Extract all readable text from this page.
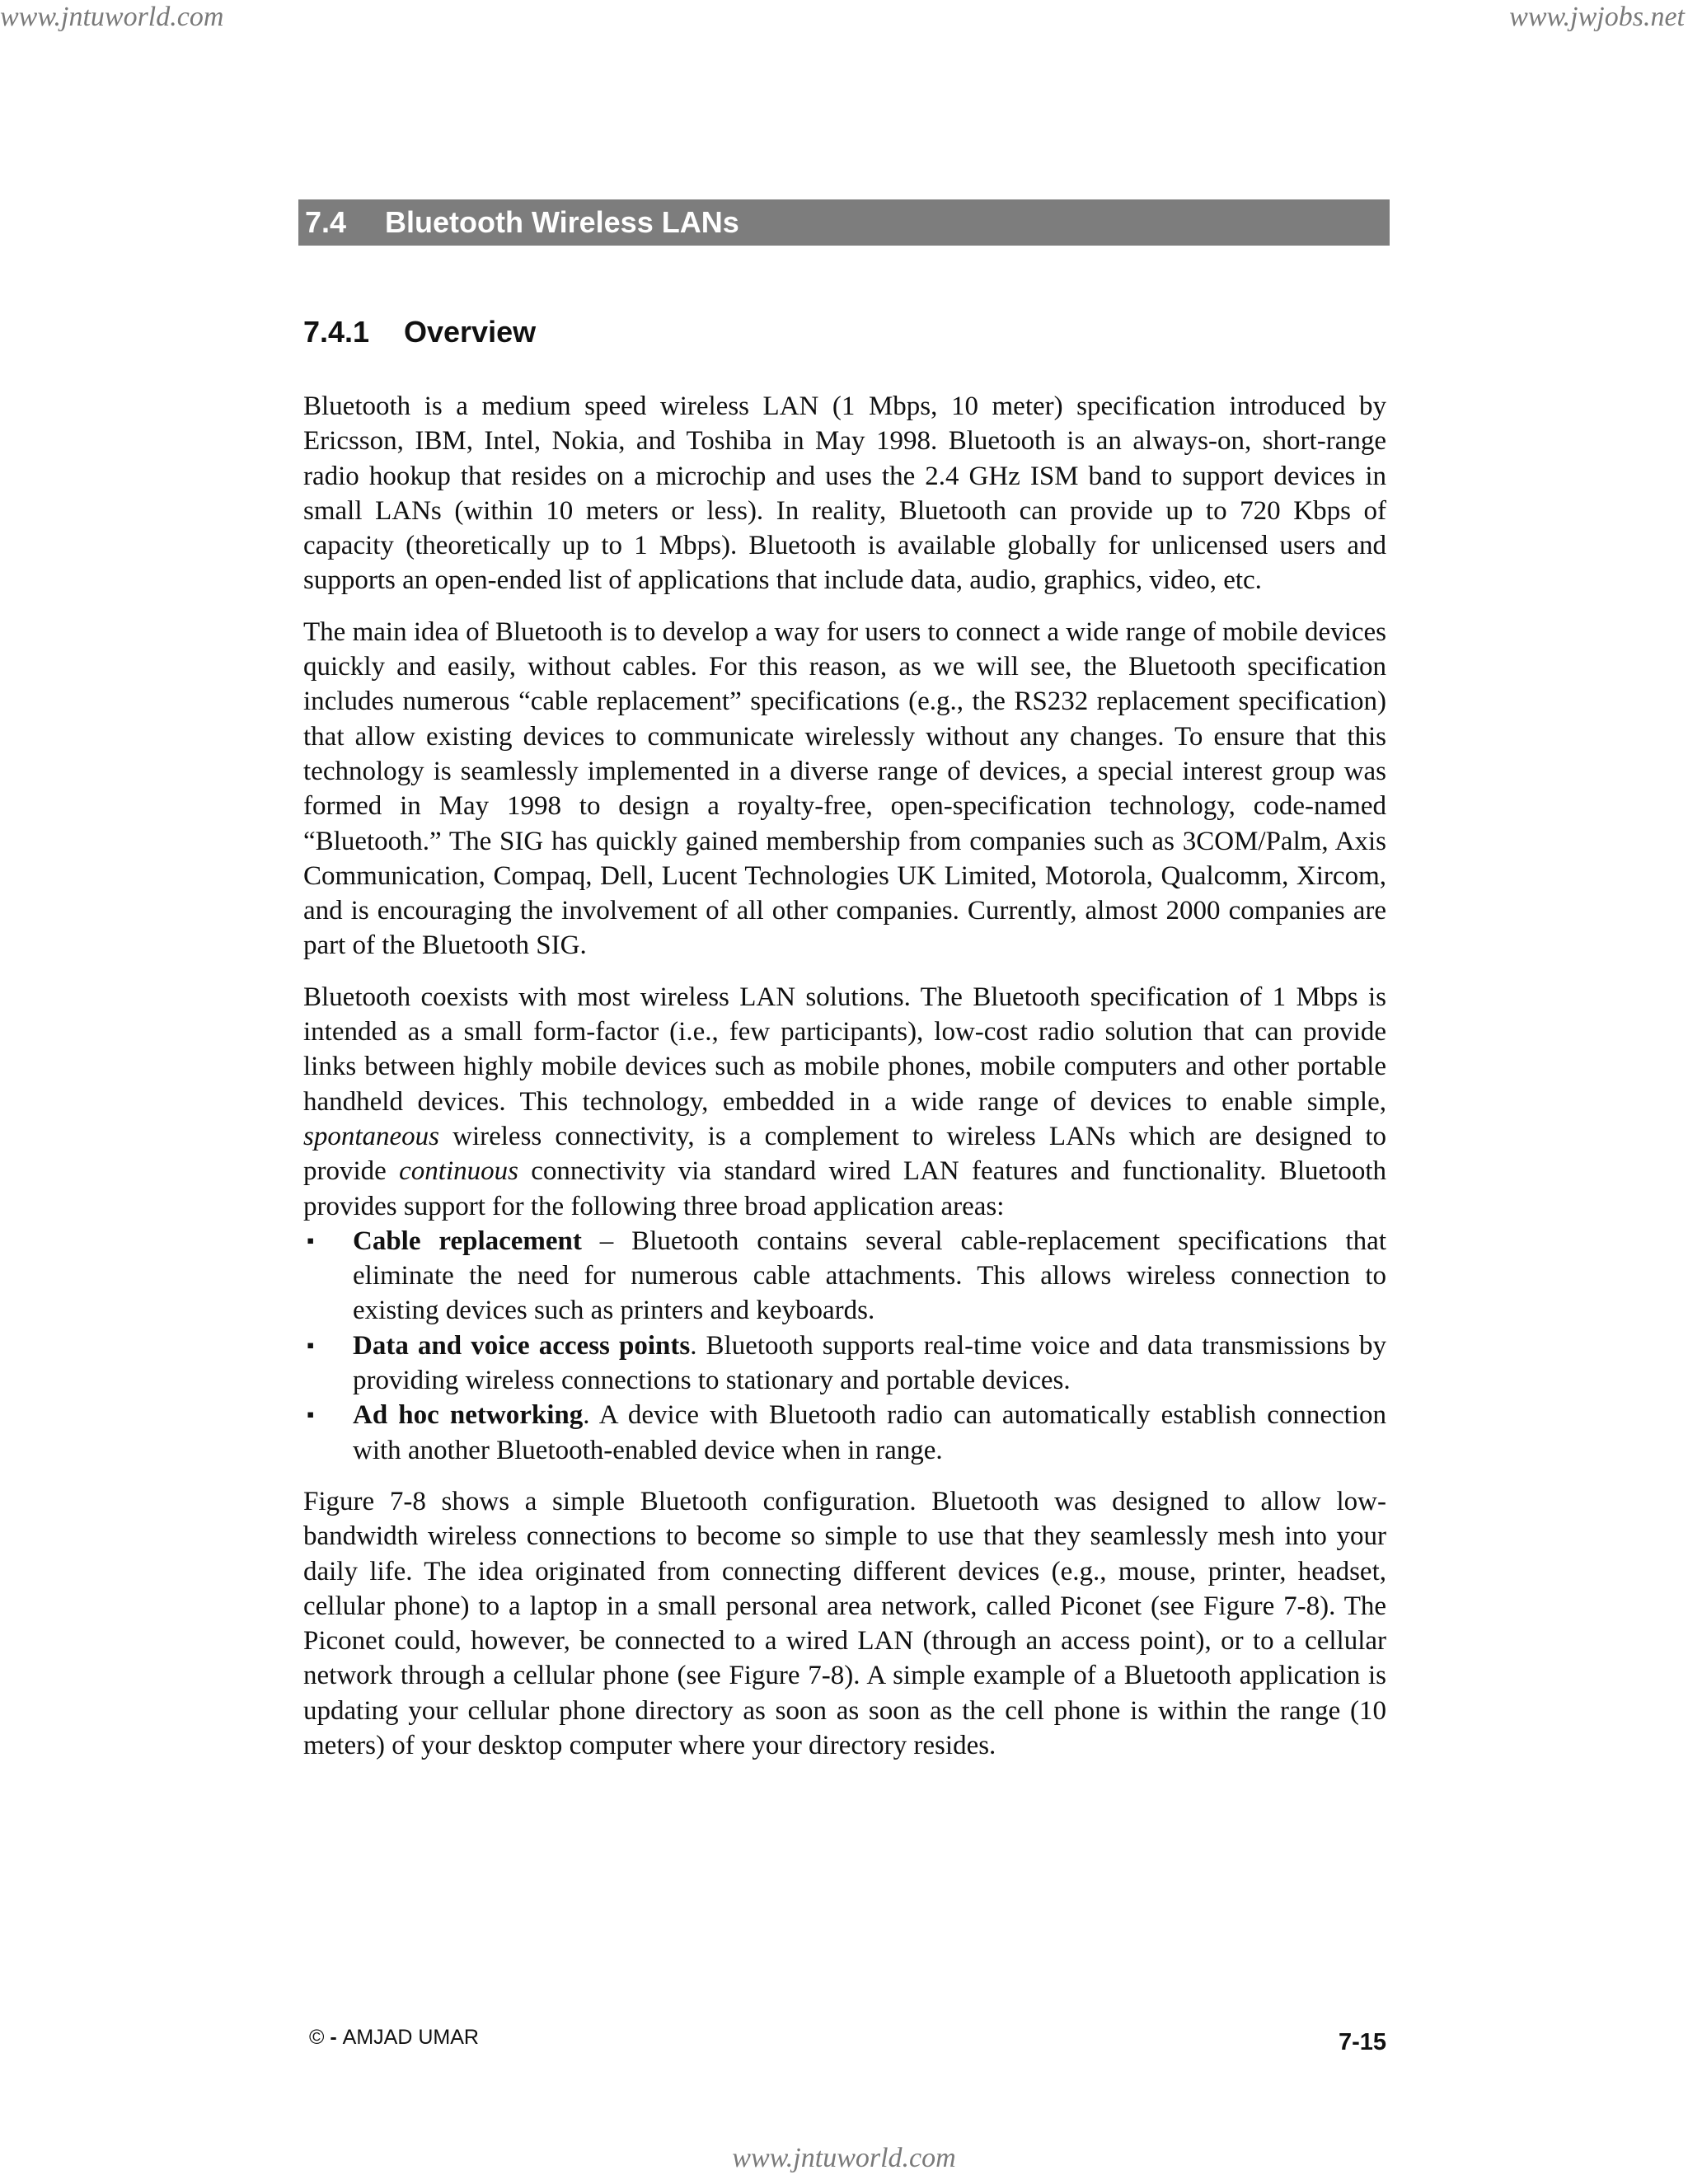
www.jntuworld.com	www.jwjobs.net
7.4 Bluetooth Wireless LANs
7.4.1 Overview

Bluetooth is a medium speed wireless LAN (1 Mbps, 10 meter) specification introduced by Ericsson, IBM, Intel, Nokia, and Toshiba in May 1998. Bluetooth is an always-on, short-range radio hookup that resides on a microchip and uses the 2.4 GHz ISM band to support devices in small LANs (within 10 meters or less). In reality, Bluetooth can provide up to 720 Kbps of capacity (theoretically up to 1 Mbps). Bluetooth is available globally for unlicensed users and supports an open-ended list of applications that include data, audio, graphics, video, etc.

The main idea of Bluetooth is to develop a way for users to connect a wide range of mobile devices quickly and easily, without cables. For this reason, as we will see, the Bluetooth specification includes numerous “cable replacement” specifications (e.g., the RS232 replacement specification) that allow existing devices to communicate wirelessly without any changes. To ensure that this technology is seamlessly implemented in a diverse range of devices, a special interest group was formed in May 1998 to design a royalty-free, open-specification technology, code-named “Bluetooth.” The SIG has quickly gained membership from companies such as 3COM/Palm, Axis Communication, Compaq, Dell, Lucent Technologies UK Limited, Motorola, Qualcomm, Xircom, and is encouraging the involvement of all other companies. Currently, almost 2000 companies are part of the Bluetooth SIG.

Bluetooth coexists with most wireless LAN solutions. The Bluetooth specification of 1 Mbps is intended as a small form-factor (i.e., few participants), low-cost radio solution that can provide links between highly mobile devices such as mobile phones, mobile computers and other portable handheld devices. This technology, embedded in a wide range of devices to enable simple, spontaneous wireless connectivity, is a complement to wireless LANs which are designed to provide continuous connectivity via standard wired LAN features and functionality. Bluetooth provides support for the following three broad application areas:

▪ Cable replacement – Bluetooth contains several cable-replacement specifications that eliminate the need for numerous cable attachments. This allows wireless connection to existing devices such as printers and keyboards.
▪ Data and voice access points. Bluetooth supports real-time voice and data transmissions by providing wireless connections to stationary and portable devices.
▪ Ad hoc networking. A device with Bluetooth radio can automatically establish connection with another Bluetooth-enabled device when in range.

Figure 7-8 shows a simple Bluetooth configuration. Bluetooth was designed to allow low-bandwidth wireless connections to become so simple to use that they seamlessly mesh into your daily life. The idea originated from connecting different devices (e.g., mouse, printer, headset, cellular phone) to a laptop in a small personal area network, called Piconet (see Figure 7-8). The Piconet could, however, be connected to a wired LAN (through an access point), or to a cellular network through a cellular phone (see Figure 7-8). A simple example of a Bluetooth application is updating your cellular phone directory as soon as soon as the cell phone is within the range (10 meters) of your desktop computer where your directory resides.

© - AMJAD UMAR	7-15
www.jntuworld.com
